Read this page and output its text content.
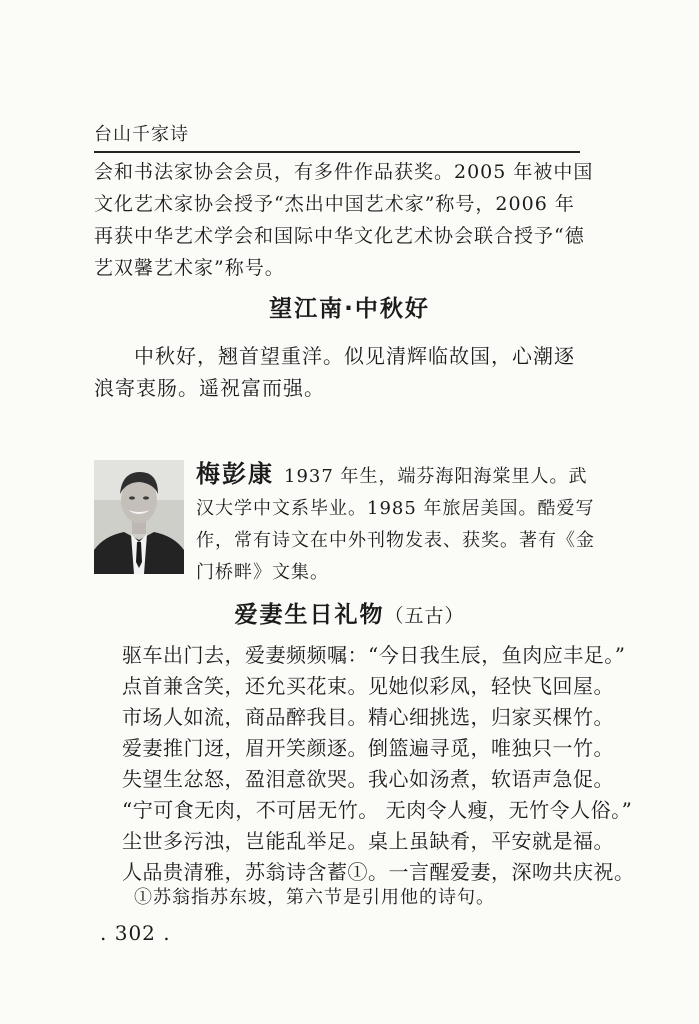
台山千家诗
会和书法家协会会员，有多件作品获奖。2005 年被中国文化艺术家协会授予“杰出中国艺术家”称号，2006 年再获中华艺术学会和国际中华文化艺术协会联合授予“德艺双馨艺术家”称号。
望江南·中秋好
中秋好，翘首望重洋。似见清辉临故国，心潮逐浪寄衷肠。遥祝富而强。
梅彭康 1937 年生，端芬海阳海棠里人。武汉大学中文系毕业。1985 年旅居美国。酷爱写作，常有诗文在中外刊物发表、获奖。著有《金门桥畔》文集。
爱妻生日礼物（五古）
驱车出门去，爱妻频频嘱：“今日我生辰，鱼肉应丰足。”
点首兼含笑，还允买花束。见她似彩凤，轻快飞回屋。
市场人如流，商品醉我目。精心细挑选，归家买棵竹。
爱妻推门迓，眉开笑颜逐。倒篮遍寻觅，唯独只一竹。
失望生忿怒，盈泪意欲哭。我心如汤煮，软语声急促。
“宁可食无肉，不可居无竹。 无肉令人瘦，无竹令人俗。”
尘世多污浊，岂能乱举足。桌上虽缺肴，平安就是福。
人品贵清雅，苏翁诗含蓄①。一言醒爱妻，深吻共庆祝。
①苏翁指苏东坡，第六节是引用他的诗句。
. 302 .
